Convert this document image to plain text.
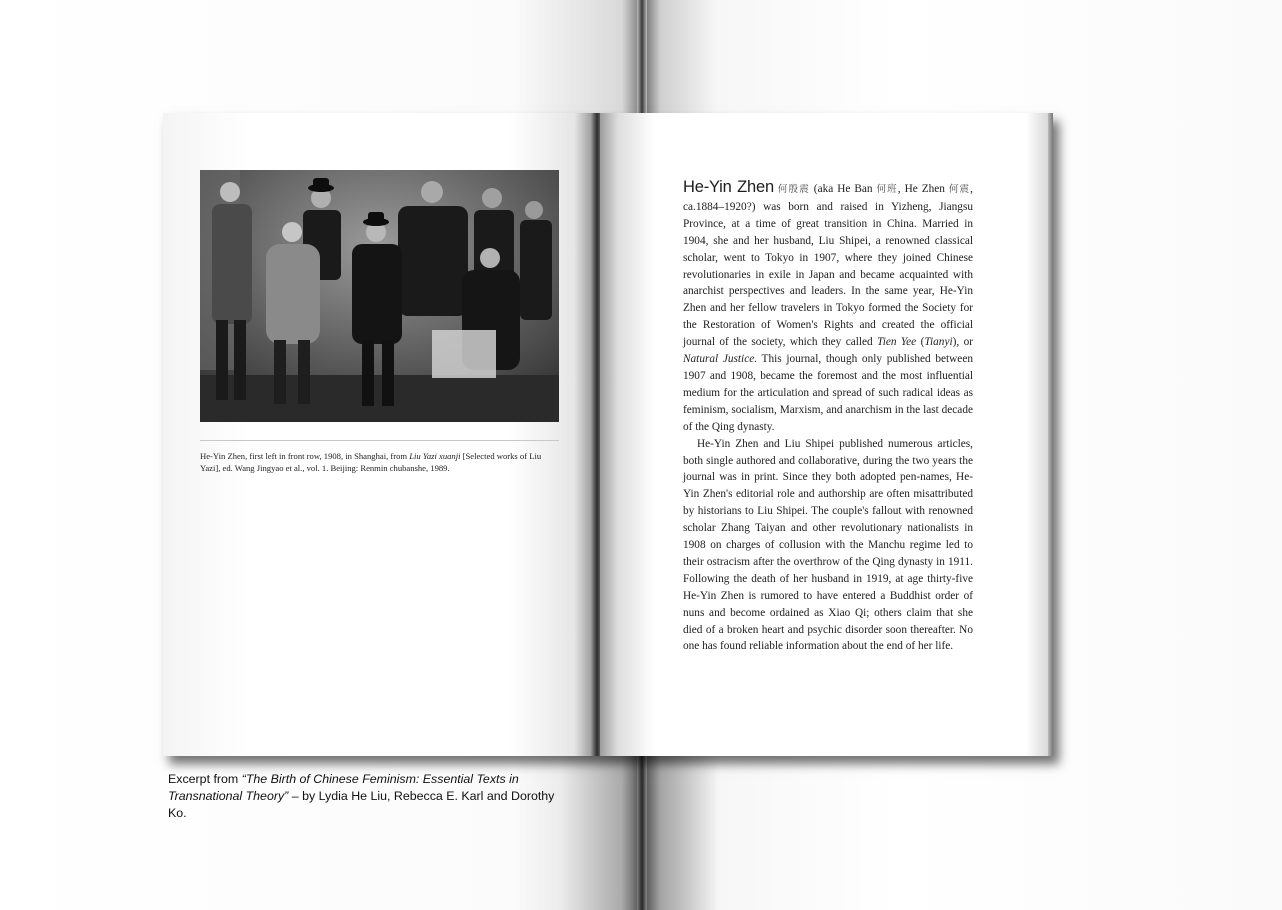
He-Yin Zhen, first left in front row, 1908, in Shanghai, from Liu Yazi xuanji [Selected works of Liu Yazi], ed. Wang Jingyao et al., vol. 1. Beijing: Renmin chubanshe, 1989.

He-Yin Zhen 何殷震 (aka He Ban 何班, He Zhen 何震, ca.1884–1920?) was born and raised in Yizheng, Jiangsu Province, at a time of great transition in China. Married in 1904, she and her husband, Liu Shipei, a renowned classical scholar, went to Tokyo in 1907, where they joined Chinese revolutionaries in exile in Japan and became acquainted with anarchist perspectives and leaders. In the same year, He-Yin Zhen and her fellow travelers in Tokyo formed the Society for the Restoration of Women's Rights and created the official journal of the society, which they called Tien Yee (Tianyi), or Natural Justice. This journal, though only published between 1907 and 1908, became the foremost and the most influential medium for the articulation and spread of such radical ideas as feminism, socialism, Marxism, and anarchism in the last decade of the Qing dynasty.

He-Yin Zhen and Liu Shipei published numerous articles, both single authored and collaborative, during the two years the journal was in print. Since they both adopted pen-names, He-Yin Zhen's editorial role and authorship are often misattributed by historians to Liu Shipei. The couple's fallout with renowned scholar Zhang Taiyan and other revolutionary nationalists in 1908 on charges of collusion with the Manchu regime led to their ostracism after the overthrow of the Qing dynasty in 1911. Following the death of her husband in 1919, at age thirty-five He-Yin Zhen is rumored to have entered a Buddhist order of nuns and become ordained as Xiao Qi; others claim that she died of a broken heart and psychic disorder soon thereafter. No one has found reliable information about the end of her life.

Excerpt from “The Birth of Chinese Feminism: Essential Texts in Transnational Theory” – by Lydia He Liu, Rebecca E. Karl and Dorothy Ko.
